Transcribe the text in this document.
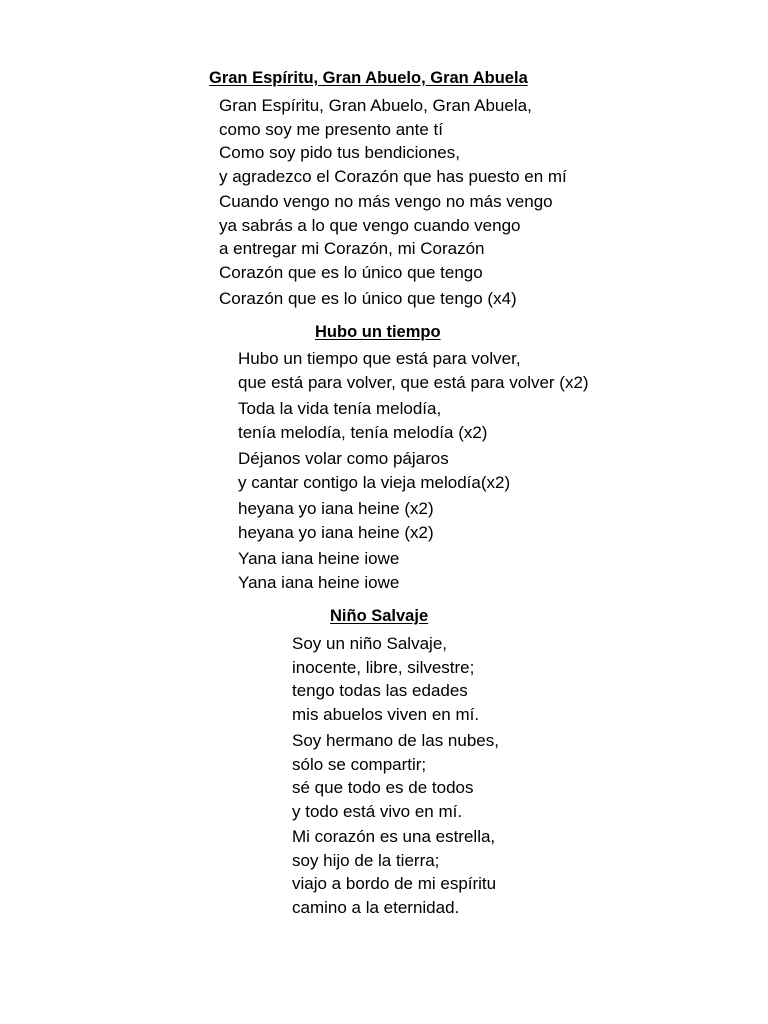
Gran Espíritu, Gran Abuelo, Gran Abuela
Gran Espíritu, Gran Abuelo, Gran Abuela,
como soy me presento ante tí
Como soy pido tus bendiciones,
y agradezco el Corazón que has puesto en mí
Cuando vengo no más vengo no más vengo
ya sabrás a lo que vengo cuando vengo
a entregar mi Corazón, mi Corazón
Corazón que es lo único que tengo
Corazón que es lo único que tengo (x4)
Hubo un tiempo
Hubo un tiempo que está para volver,
que está para volver, que está para volver (x2)
Toda la vida tenía melodía,
tenía melodía, tenía melodía (x2)
Déjanos volar como pájaros
y cantar contigo la vieja melodía(x2)
heyana yo iana heine (x2)
heyana yo iana heine (x2)
Yana iana heine iowe
Yana iana heine iowe
Niño Salvaje
Soy un niño Salvaje,
inocente, libre, silvestre;
tengo todas las edades
mis abuelos viven en mí.
Soy hermano de las nubes,
sólo se compartir;
sé que todo es de todos
y todo está vivo en mí.
Mi corazón es una estrella,
soy hijo de la tierra;
viajo a bordo de mi espíritu
camino a la eternidad.
